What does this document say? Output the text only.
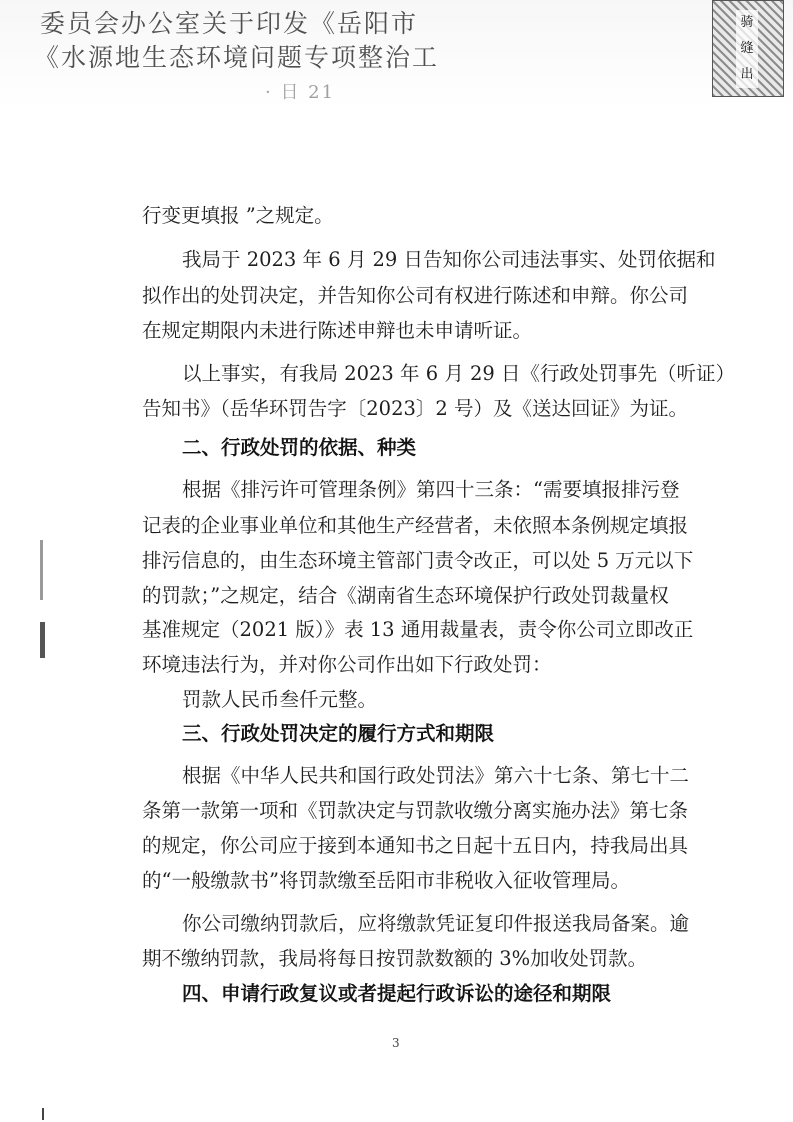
委员会办公室关于印发《岳阳市
《水源地生态环境问题专项整治工
· 日 21
骑 缝 出
行变更填报 ”之规定。
我局于 2023 年 6 月 29 日告知你公司违法事实、处罚依据和
拟作出的处罚决定，并告知你公司有权进行陈述和申辩。你公司
在规定期限内未进行陈述申辩也未申请听证。
以上事实，有我局 2023 年 6 月 29 日《行政处罚事先（听证）
告知书》（岳华环罚告字〔2023〕2 号）及《送达回证》为证。
二、行政处罚的依据、种类
根据《排污许可管理条例》第四十三条：“需要填报排污登
记表的企业事业单位和其他生产经营者，未依照本条例规定填报
排污信息的，由生态环境主管部门责令改正，可以处 5 万元以下
的罚款；”之规定，结合《湖南省生态环境保护行政处罚裁量权
基准规定（2021 版）》表 13 通用裁量表，责令你公司立即改正
环境违法行为，并对你公司作出如下行政处罚：
罚款人民币叁仟元整。
三、行政处罚决定的履行方式和期限
根据《中华人民共和国行政处罚法》第六十七条、第七十二
条第一款第一项和《罚款决定与罚款收缴分离实施办法》第七条
的规定，你公司应于接到本通知书之日起十五日内，持我局出具
的“一般缴款书”将罚款缴至岳阳市非税收入征收管理局。
你公司缴纳罚款后，应将缴款凭证复印件报送我局备案。逾
期不缴纳罚款，我局将每日按罚款数额的 3%加收处罚款。
四、申请行政复议或者提起行政诉讼的途径和期限
3
